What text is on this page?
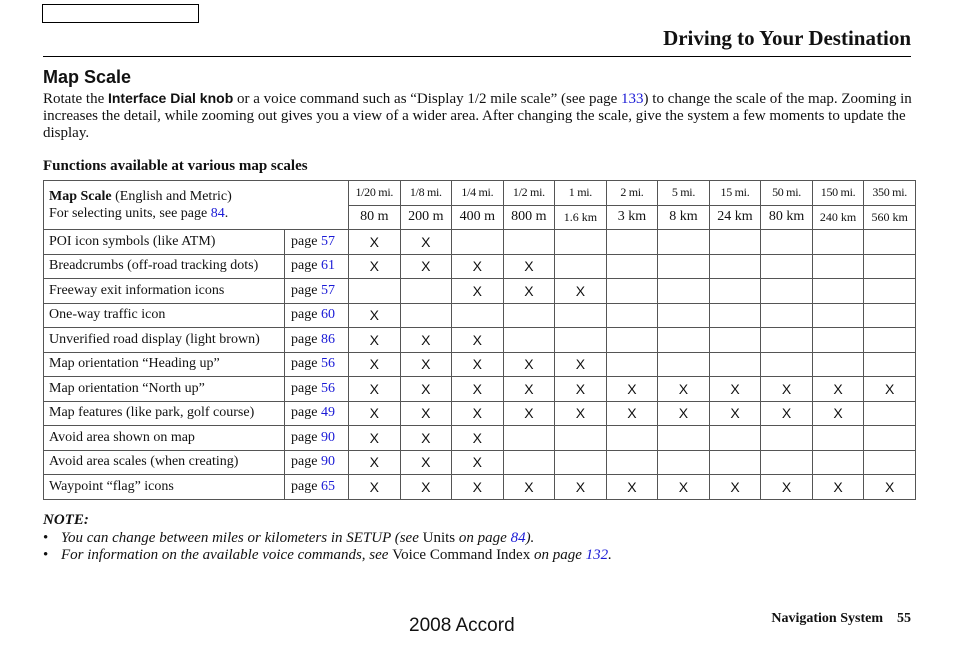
Driving to Your Destination
Map Scale
Rotate the Interface Dial knob or a voice command such as “Display 1/2 mile scale” (see page 133) to change the scale of the map. Zooming in increases the detail, while zooming out gives you a view of a wider area. After changing the scale, give the system a few moments to update the display.
Functions available at various map scales
Map Scale (English and Metric)
For selecting units, see page 84.		1/20 mi.	1/8 mi.	1/4 mi.	1/2 mi.	1 mi.	2 mi.	5 mi.	15 mi.	50 mi.	150 mi.	350 mi.
		80 m	200 m	400 m	800 m	1.6 km	3 km	8 km	24 km	80 km	240 km	560 km
POI icon symbols (like ATM)	page 57	X	X									
Breadcrumbs (off-road tracking dots)	page 61	X	X	X	X							
Freeway exit information icons	page 57			X	X	X						
One-way traffic icon	page 60	X										
Unverified road display (light brown)	page 86	X	X	X								
Map orientation “Heading up”	page 56	X	X	X	X	X						
Map orientation “North up”	page 56	X	X	X	X	X	X	X	X	X	X	X
Map features (like park, golf course)	page 49	X	X	X	X	X	X	X	X	X	X	
Avoid area shown on map	page 90	X	X	X								
Avoid area scales (when creating)	page 90	X	X	X								
Waypoint “flag” icons	page 65	X	X	X	X	X	X	X	X	X	X	X
NOTE:
• You can change between miles or kilometers in SETUP (see Units on page 84).
• For information on the available voice commands, see Voice Command Index on page 132.
2008 Accord	Navigation System 55
